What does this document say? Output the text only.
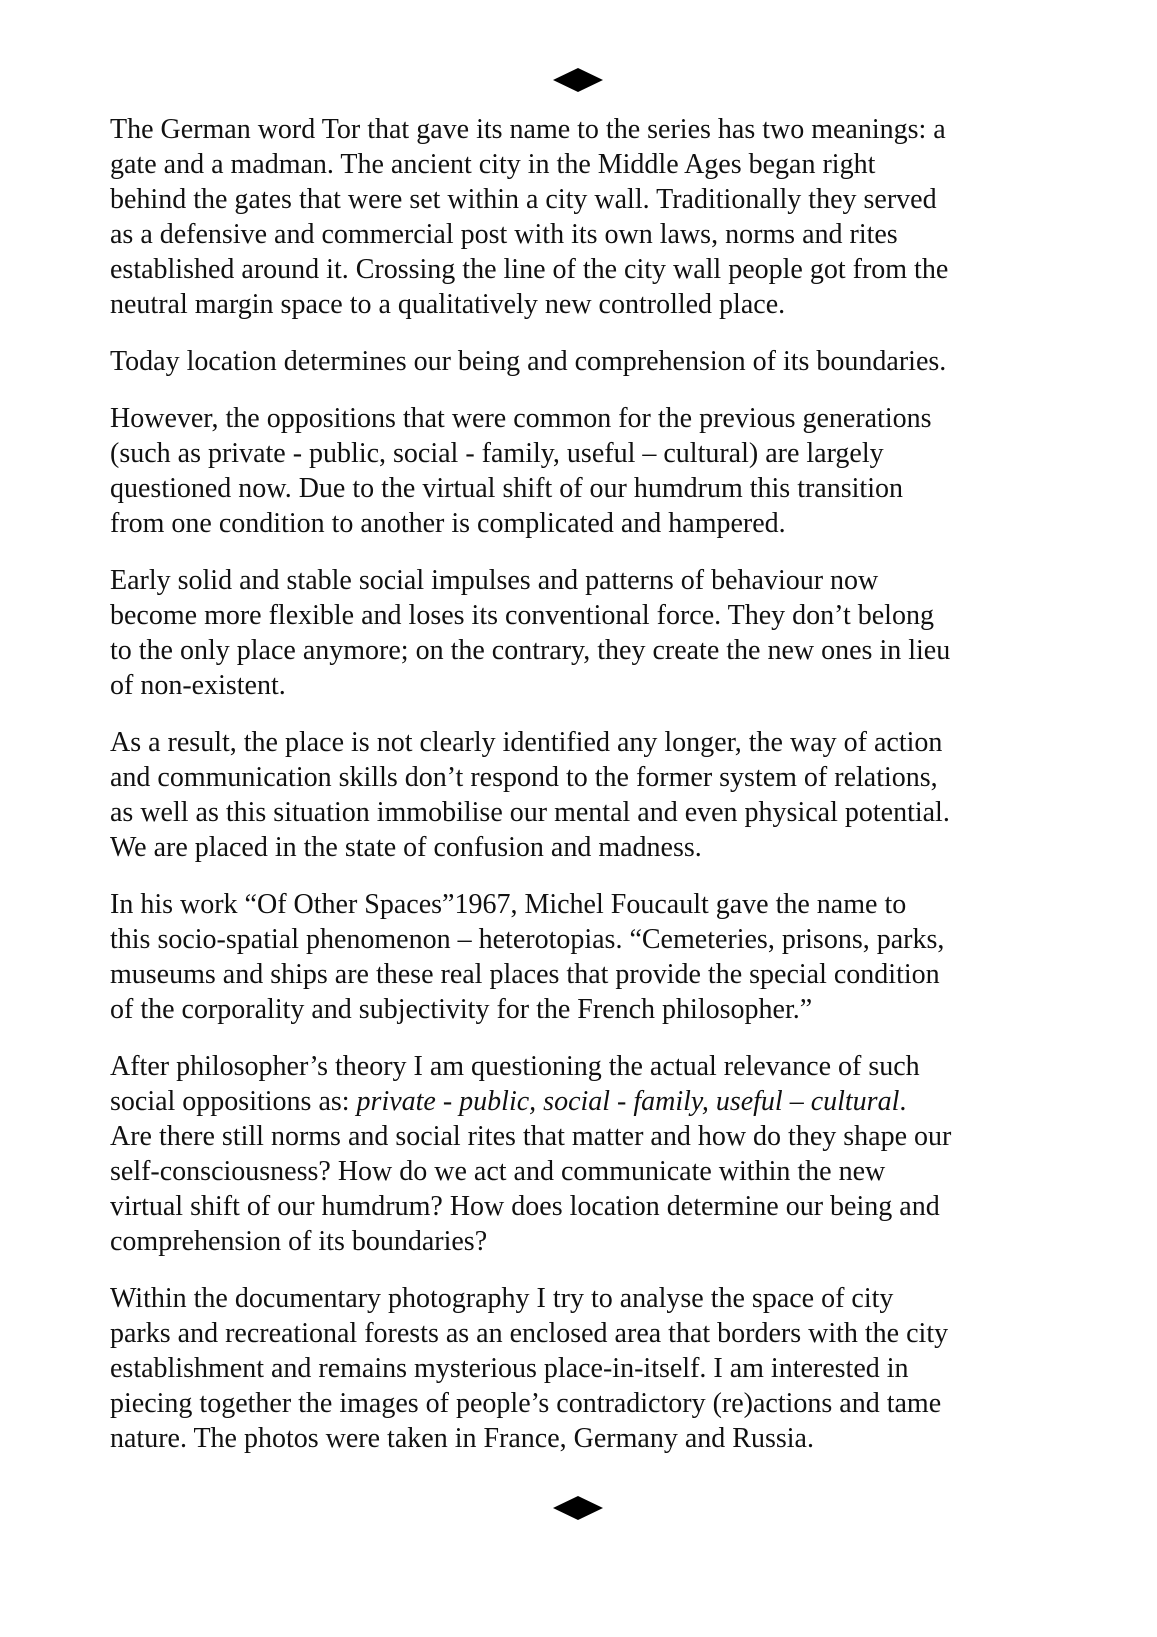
The German word Tor that gave its name to the series has two meanings: a
gate and a madman. The ancient city in the Middle Ages began right
behind the gates that were set within a city wall. Traditionally they served
as a defensive and commercial post with its own laws, norms and rites
established around it. Crossing the line of the city wall people got from the
neutral margin space to a qualitatively new controlled place.

Today location determines our being and comprehension of its boundaries.

However, the oppositions that were common for the previous generations
(such as private - public, social - family, useful – cultural) are largely
questioned now. Due to the virtual shift of our humdrum this transition
from one condition to another is complicated and hampered.

Early solid and stable social impulses and patterns of behaviour now
become more flexible and loses its conventional force. They don’t belong
to the only place anymore; on the contrary, they create the new ones in lieu
of non-existent.

As a result, the place is not clearly identified any longer, the way of action
and communication skills don’t respond to the former system of relations,
as well as this situation immobilise our mental and even physical potential.
We are placed in the state of confusion and madness.

In his work “Of Other Spaces”1967, Michel Foucault gave the name to
this socio-spatial phenomenon – heterotopias. “Cemeteries, prisons, parks,
museums and ships are these real places that provide the special condition
of the corporality and subjectivity for the French philosopher.”

After philosopher’s theory I am questioning the actual relevance of such
social oppositions as: private - public, social - family, useful – cultural.
Are there still norms and social rites that matter and how do they shape our
self-consciousness? How do we act and communicate within the new
virtual shift of our humdrum? How does location determine our being and
comprehension of its boundaries?

Within the documentary photography I try to analyse the space of city
parks and recreational forests as an enclosed area that borders with the city
establishment and remains mysterious place-in-itself. I am interested in
piecing together the images of people’s contradictory (re)actions and tame
nature. The photos were taken in France, Germany and Russia.
